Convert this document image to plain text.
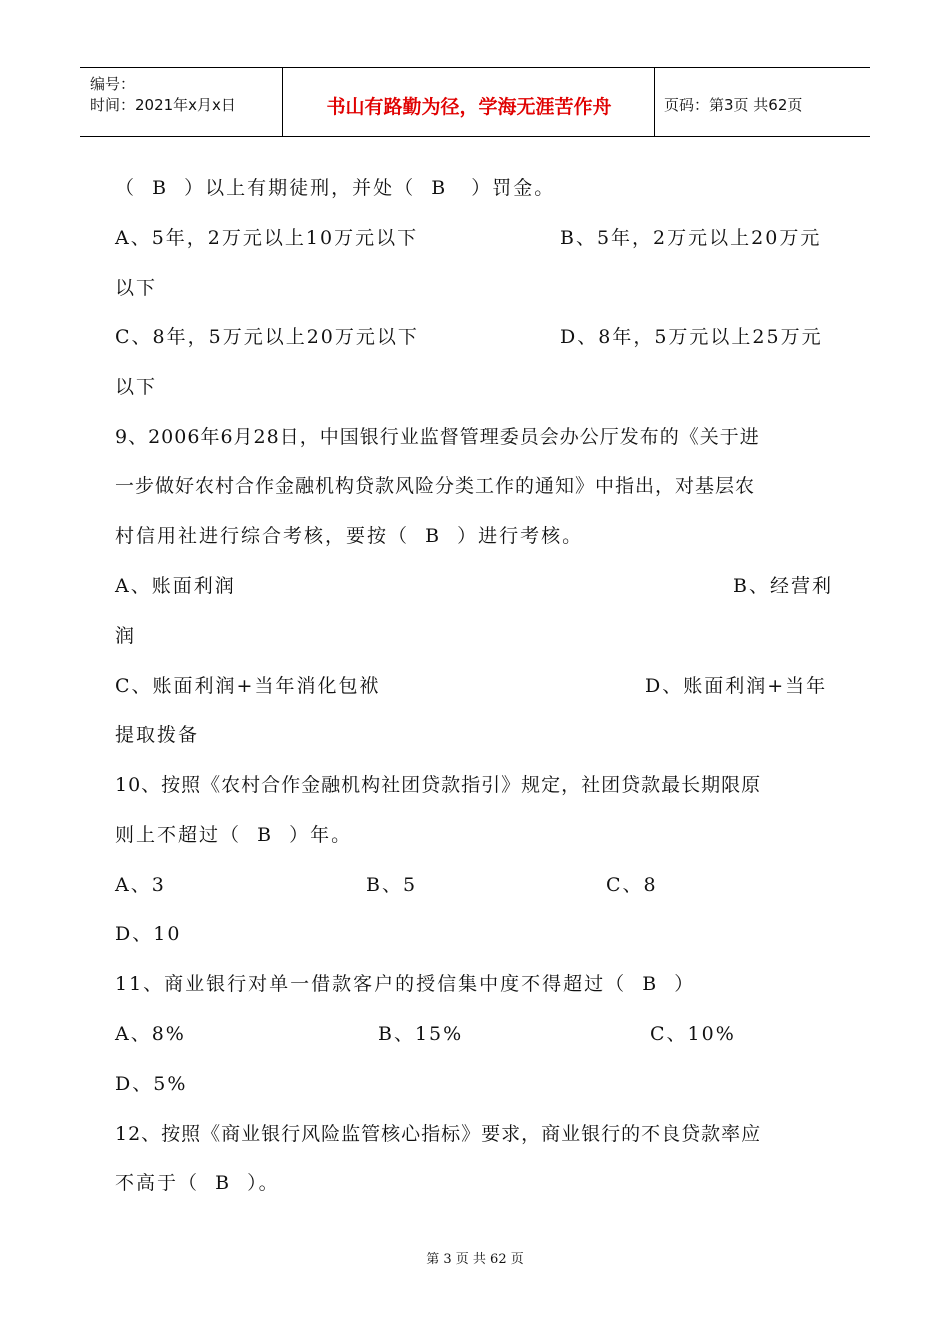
编号：
时间：2021年x月x日	书山有路勤为径，学海无涯苦作舟	页码：第3页 共62页
（  B  ）以上有期徒刑，并处（  B   ）罚金。
A、5年，2万元以上10万元以下	B、5年，2万元以上20万元
以下
C、8年，5万元以上20万元以下	D、8年，5万元以上25万元
以下
9、2006年6月28日，中国银行业监督管理委员会办公厅发布的《关于进
一步做好农村合作金融机构贷款风险分类工作的通知》中指出，对基层农
村信用社进行综合考核，要按（  B  ）进行考核。
A、账面利润	B、经营利
润
C、账面利润+当年消化包袱	D、账面利润+当年
提取拨备
10、按照《农村合作金融机构社团贷款指引》规定，社团贷款最长期限原
则上不超过（  B  ）年。
A、3	B、5	C、8
D、10
11、商业银行对单一借款客户的授信集中度不得超过（  B  ）
A、8%	B、15%	C、10%
D、5%
12、按照《商业银行风险监管核心指标》要求，商业银行的不良贷款率应
不高于（  B  ）。
第 3 页 共 62 页
